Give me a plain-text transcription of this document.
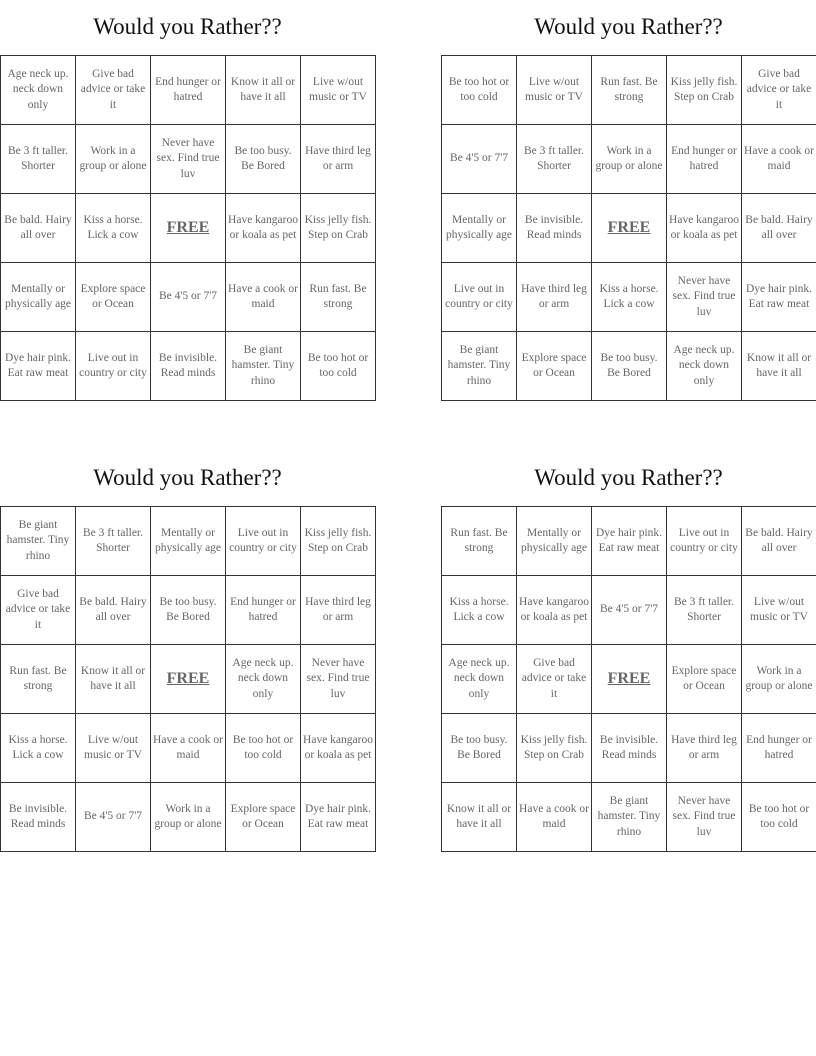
Would you Rather??
Age neck up. neck down only	Give bad advice or take it	End hunger or hatred	Know it all or have it all	Live w/out music or TV
Be 3 ft taller. Shorter	Work in a group or alone	Never have sex. Find true luv	Be too busy. Be Bored	Have third leg or arm
Be bald. Hairy all over	Kiss a horse. Lick a cow	FREE	Have kangaroo or koala as pet	Kiss jelly fish. Step on Crab
Mentally or physically age	Explore space or Ocean	Be 4'5 or 7'7	Have a cook or maid	Run fast. Be strong
Dye hair pink. Eat raw meat	Live out in country or city	Be invisible. Read minds	Be giant hamster. Tiny rhino	Be too hot or too cold
Would you Rather??
Be too hot or too cold	Live w/out music or TV	Run fast. Be strong	Kiss jelly fish. Step on Crab	Give bad advice or take it
Be 4'5 or 7'7	Be 3 ft taller. Shorter	Work in a group or alone	End hunger or hatred	Have a cook or maid
Mentally or physically age	Be invisible. Read minds	FREE	Have kangaroo or koala as pet	Be bald. Hairy all over
Live out in country or city	Have third leg or arm	Kiss a horse. Lick a cow	Never have sex. Find true luv	Dye hair pink. Eat raw meat
Be giant hamster. Tiny rhino	Explore space or Ocean	Be too busy. Be Bored	Age neck up. neck down only	Know it all or have it all
Would you Rather??
Be giant hamster. Tiny rhino	Be 3 ft taller. Shorter	Mentally or physically age	Live out in country or city	Kiss jelly fish. Step on Crab
Give bad advice or take it	Be bald. Hairy all over	Be too busy. Be Bored	End hunger or hatred	Have third leg or arm
Run fast. Be strong	Know it all or have it all	FREE	Age neck up. neck down only	Never have sex. Find true luv
Kiss a horse. Lick a cow	Live w/out music or TV	Have a cook or maid	Be too hot or too cold	Have kangaroo or koala as pet
Be invisible. Read minds	Be 4'5 or 7'7	Work in a group or alone	Explore space or Ocean	Dye hair pink. Eat raw meat
Would you Rather??
Run fast. Be strong	Mentally or physically age	Dye hair pink. Eat raw meat	Live out in country or city	Be bald. Hairy all over
Kiss a horse. Lick a cow	Have kangaroo or koala as pet	Be 4'5 or 7'7	Be 3 ft taller. Shorter	Live w/out music or TV
Age neck up. neck down only	Give bad advice or take it	FREE	Explore space or Ocean	Work in a group or alone
Be too busy. Be Bored	Kiss jelly fish. Step on Crab	Be invisible. Read minds	Have third leg or arm	End hunger or hatred
Know it all or have it all	Have a cook or maid	Be giant hamster. Tiny rhino	Never have sex. Find true luv	Be too hot or too cold
